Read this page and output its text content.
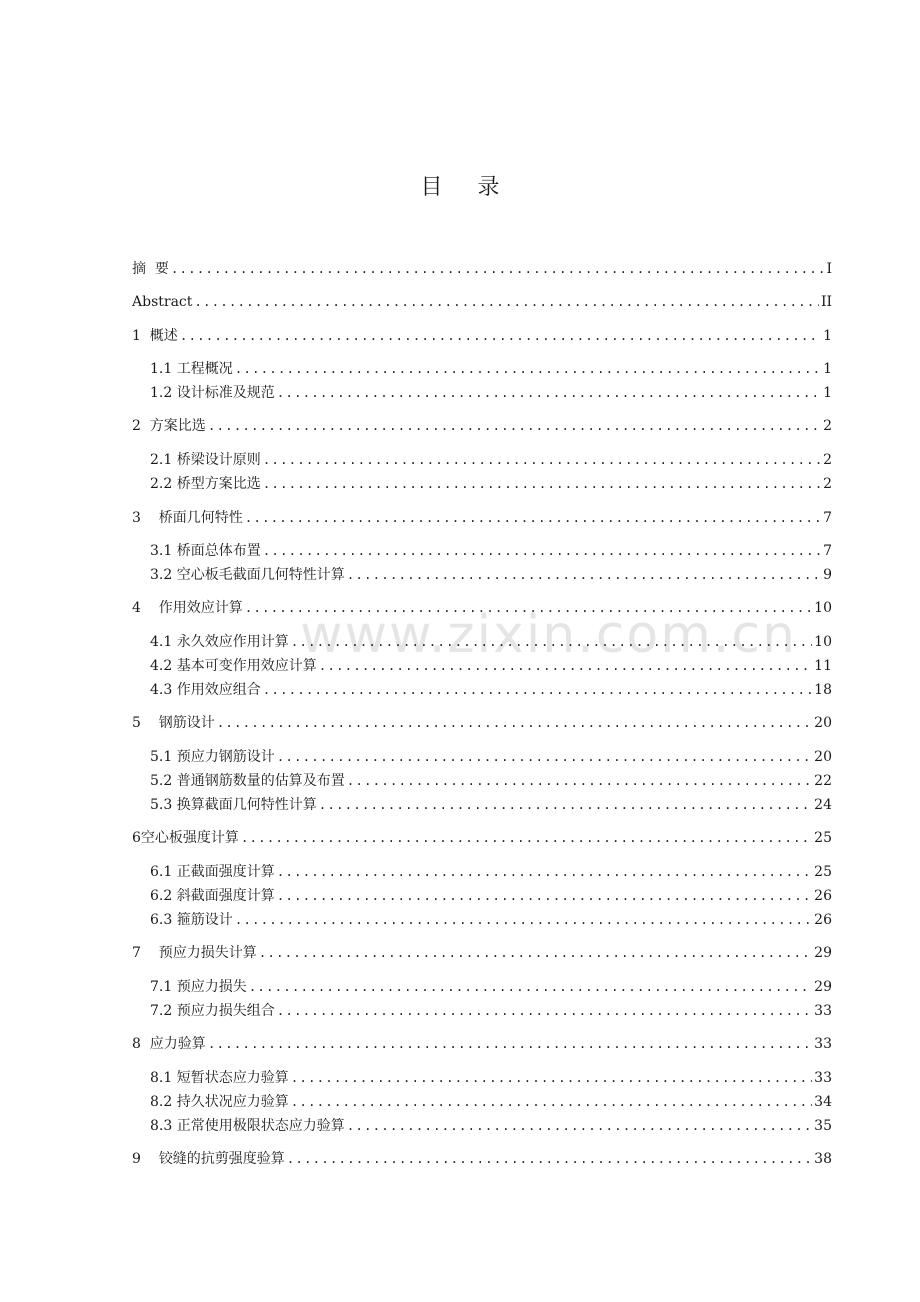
目 录
www.zixin.com.cn
摘  要 .....	I
Abstract .....	II
1  概述 .....	1
1.1 工程概况 .....	1
1.2 设计标准及规范 .....	1
2  方案比选 .....	2
2.1 桥梁设计原则 .....	2
2.2 桥型方案比选 .....	2
3    桥面几何特性 .....	7
3.1 桥面总体布置 .....	7
3.2 空心板毛截面几何特性计算 .....	9
4    作用效应计算 .....	10
4.1 永久效应作用计算 .....	10
4.2 基本可变作用效应计算 .....	11
4.3 作用效应组合 .....	18
5    钢筋设计 .....	20
5.1 预应力钢筋设计 .....	20
5.2 普通钢筋数量的估算及布置 .....	22
5.3 换算截面几何特性计算 .....	24
6空心板强度计算 .....	25
6.1 正截面强度计算 .....	25
6.2 斜截面强度计算 .....	26
6.3 箍筋设计 .....	26
7    预应力损失计算 .....	29
7.1 预应力损失 .....	29
7.2 预应力损失组合 .....	33
8  应力验算 .....	33
8.1 短暂状态应力验算 .....	33
8.2 持久状况应力验算 .....	34
8.3 正常使用极限状态应力验算 .....	35
9    铰缝的抗剪强度验算 .....	38
